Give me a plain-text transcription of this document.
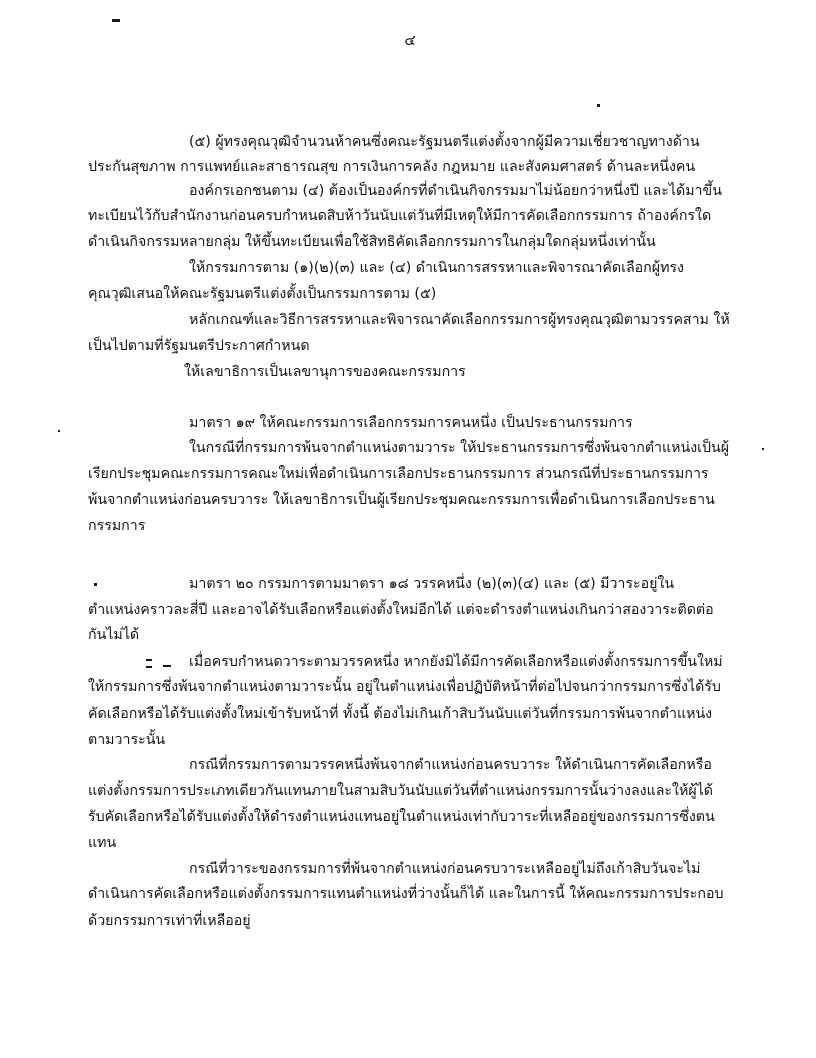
๔
(๕) ผู้ทรงคุณวุฒิจำนวนห้าคนซึ่งคณะรัฐมนตรีแต่งตั้งจากผู้มีความเชี่ยวชาญทางด้าน
ประกันสุขภาพ การแพทย์และสาธารณสุข การเงินการคลัง กฎหมาย และสังคมศาสตร์ ด้านละหนึ่งคน
องค์กรเอกชนตาม (๔) ต้องเป็นองค์กรที่ดำเนินกิจกรรมมาไม่น้อยกว่าหนึ่งปี และได้มาขึ้น
ทะเบียนไว้กับสำนักงานก่อนครบกำหนดสิบห้าวันนับแต่วันที่มีเหตุให้มีการคัดเลือกกรรมการ ถ้าองค์กรใด
ดำเนินกิจกรรมหลายกลุ่ม ให้ขึ้นทะเบียนเพื่อใช้สิทธิคัดเลือกกรรมการในกลุ่มใดกลุ่มหนึ่งเท่านั้น
ให้กรรมการตาม (๑)(๒)(๓) และ (๔) ดำเนินการสรรหาและพิจารณาคัดเลือกผู้ทรง
คุณวุฒิเสนอให้คณะรัฐมนตรีแต่งตั้งเป็นกรรมการตาม (๕)
หลักเกณฑ์และวิธีการสรรหาและพิจารณาคัดเลือกกรรมการผู้ทรงคุณวุฒิตามวรรคสาม ให้
เป็นไปตามที่รัฐมนตรีประกาศกำหนด
ให้เลขาธิการเป็นเลขานุการของคณะกรรมการ
มาตรา ๑๙ ให้คณะกรรมการเลือกกรรมการคนหนึ่ง เป็นประธานกรรมการ
ในกรณีที่กรรมการพ้นจากตำแหน่งตามวาระ ให้ประธานกรรมการซึ่งพ้นจากตำแหน่งเป็นผู้
เรียกประชุมคณะกรรมการคณะใหม่เพื่อดำเนินการเลือกประธานกรรมการ ส่วนกรณีที่ประธานกรรมการ
พ้นจากตำแหน่งก่อนครบวาระ ให้เลขาธิการเป็นผู้เรียกประชุมคณะกรรมการเพื่อดำเนินการเลือกประธาน
กรรมการ
มาตรา ๒๐ กรรมการตามมาตรา ๑๘ วรรคหนึ่ง (๒)(๓)(๔) และ (๕) มีวาระอยู่ใน
ตำแหน่งคราวละสี่ปี และอาจได้รับเลือกหรือแต่งตั้งใหม่อีกได้ แต่จะดำรงตำแหน่งเกินกว่าสองวาระติดต่อ
กันไม่ได้
เมื่อครบกำหนดวาระตามวรรคหนึ่ง หากยังมิได้มีการคัดเลือกหรือแต่งตั้งกรรมการขึ้นใหม่
ให้กรรมการซึ่งพ้นจากตำแหน่งตามวาระนั้น อยู่ในตำแหน่งเพื่อปฏิบัติหน้าที่ต่อไปจนกว่ากรรมการซึ่งได้รับ
คัดเลือกหรือได้รับแต่งตั้งใหม่เข้ารับหน้าที่ ทั้งนี้ ต้องไม่เกินเก้าสิบวันนับแต่วันที่กรรมการพ้นจากตำแหน่ง
ตามวาระนั้น
กรณีที่กรรมการตามวรรคหนึ่งพ้นจากตำแหน่งก่อนครบวาระ ให้ดำเนินการคัดเลือกหรือ
แต่งตั้งกรรมการประเภทเดียวกันแทนภายในสามสิบวันนับแต่วันที่ตำแหน่งกรรมการนั้นว่างลงและให้ผู้ได้
รับคัดเลือกหรือได้รับแต่งตั้งให้ดำรงตำแหน่งแทนอยู่ในตำแหน่งเท่ากับวาระที่เหลืออยู่ของกรรมการซึ่งตน
แทน
กรณีที่วาระของกรรมการที่พ้นจากตำแหน่งก่อนครบวาระเหลืออยู่ไม่ถึงเก้าสิบวันจะไม่
ดำเนินการคัดเลือกหรือแต่งตั้งกรรมการแทนตำแหน่งที่ว่างนั้นก็ได้ และในการนี้ ให้คณะกรรมการประกอบ
ด้วยกรรมการเท่าที่เหลืออยู่
